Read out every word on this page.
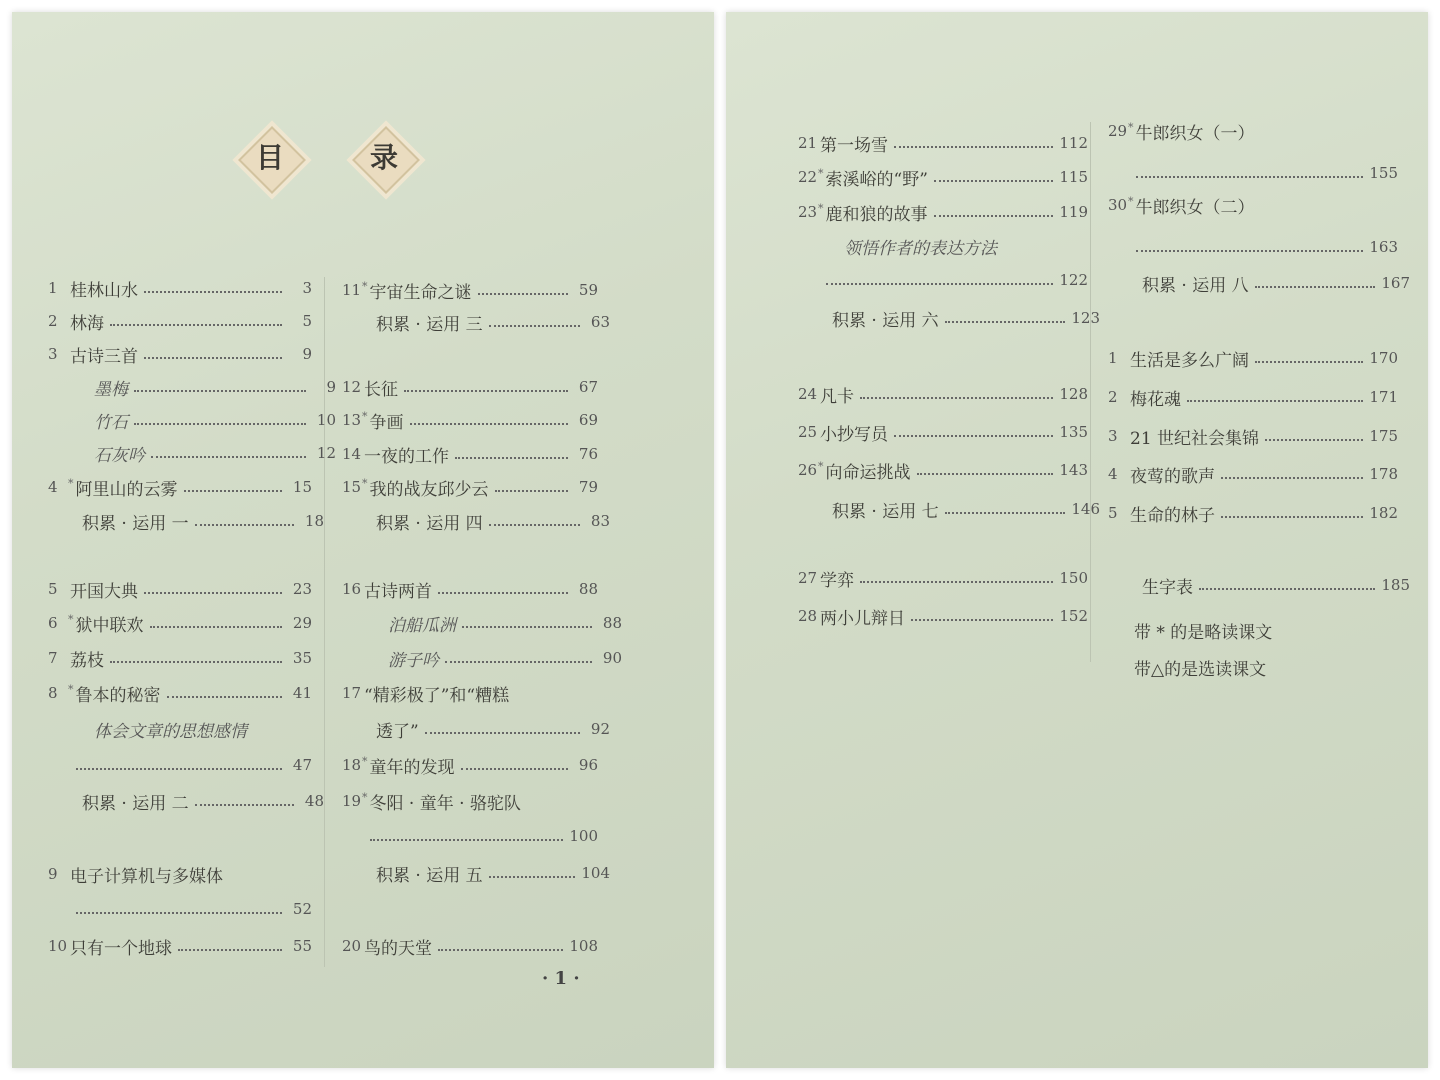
目	录
1 桂林山水	3
2 林海	5
3 古诗三首	9
墨梅	9
竹石	10
石灰吟	12
4 * 阿里山的云雾	15
积累 · 运用 一	18
5 开国大典	23
6 * 狱中联欢	29
7 荔枝	35
8 * 鲁本的秘密	41
体会文章的思想感情
47
积累 · 运用 二	48
9 电子计算机与多媒体
52
10 只有一个地球	55
11 * 宇宙生命之谜	59
积累 · 运用 三	63
12 长征	67
13 * 争画	69
14 一夜的工作	76
15 * 我的战友邱少云	79
积累 · 运用 四	83
16 古诗两首	88
泊船瓜洲	88
游子吟	90
17 “精彩极了”和“糟糕
透了”	92
18 * 童年的发现	96
19 * 冬阳 · 童年 · 骆驼队
100
积累 · 运用 五	104
20 鸟的天堂	108
· 1 ·
21 第一场雪	112
22 * 索溪峪的“野”	115
23 * 鹿和狼的故事	119
领悟作者的表达方法
122
积累 · 运用 六	123
24 凡卡	128
25 小抄写员	135
26 * 向命运挑战	143
积累 · 运用 七	146
27 学弈	150
28 两小儿辩日	152
29 * 牛郎织女（一）
155
30 * 牛郎织女（二）
163
积累 · 运用 八	167
1 生活是多么广阔	170
2 梅花魂	171
3 21 世纪社会集锦	175
4 夜莺的歌声	178
5 生命的林子	182
生字表	185
带 * 的是略读课文
带△的是选读课文
